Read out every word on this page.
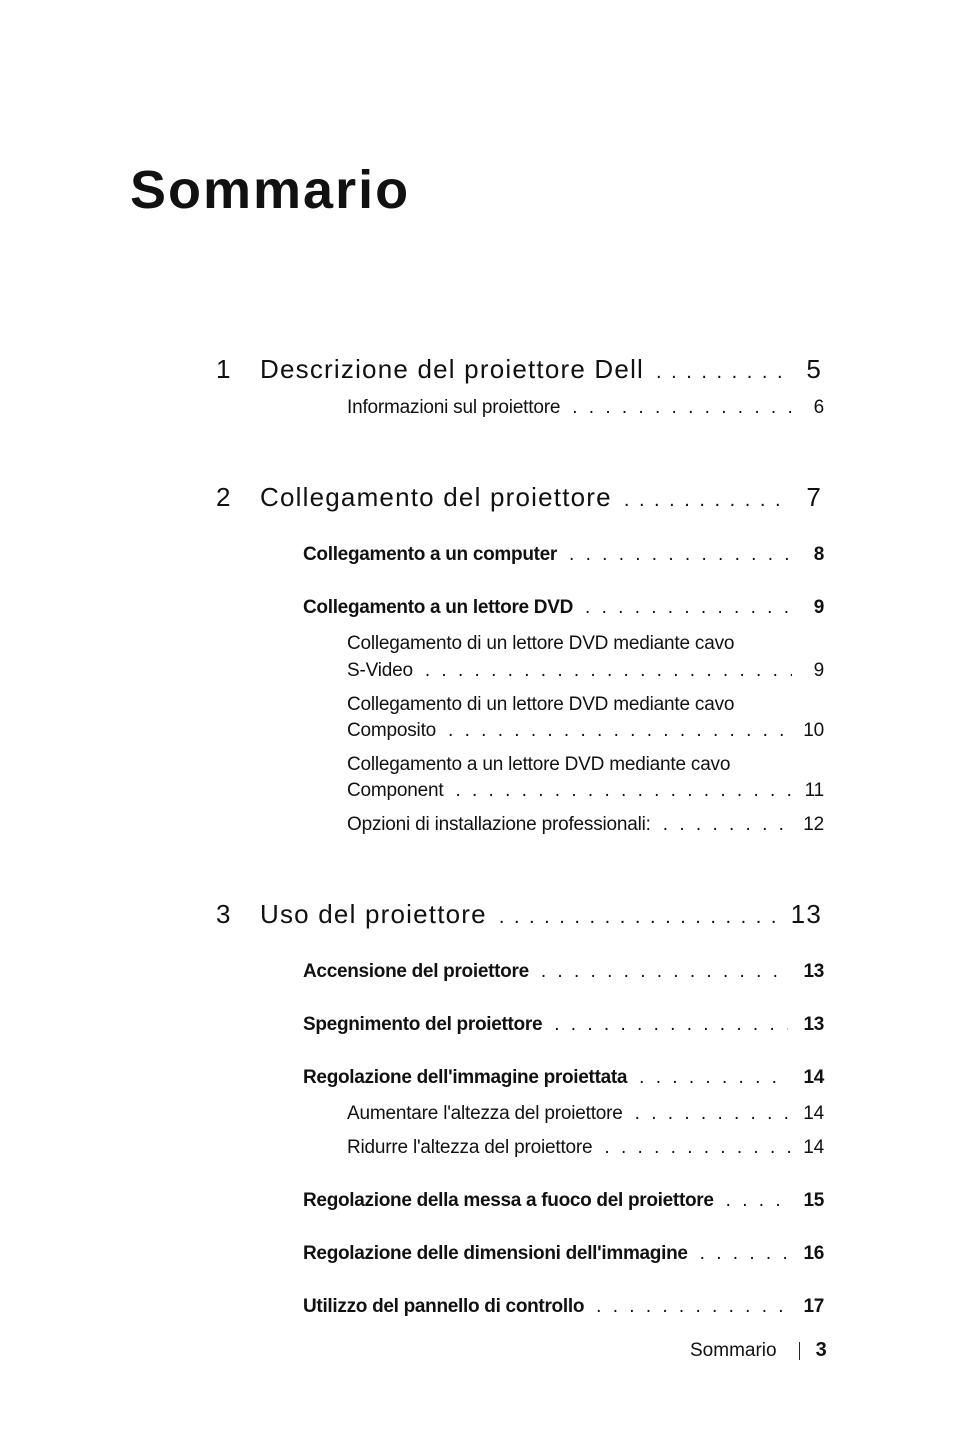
Sommario
1	Descrizione del proiettore Dell . . .	5
Informazioni sul proiettore . . .	6
2	Collegamento del proiettore . . .	7
Collegamento a un computer . . .	8
Collegamento a un lettore DVD . . .	9
Collegamento di un lettore DVD mediante cavo
S-Video . . .	9
Collegamento di un lettore DVD mediante cavo
Composito . . .	10
Collegamento a un lettore DVD mediante cavo
Component . . .	11
Opzioni di installazione professionali: . . .	12
3	Uso del proiettore . . .	13
Accensione del proiettore . . .	13
Spegnimento del proiettore . . .	13
Regolazione dell'immagine proiettata . . .	14
Aumentare l'altezza del proiettore . . .	14
Ridurre l'altezza del proiettore . . .	14
Regolazione della messa a fuoco del proiettore . . .	15
Regolazione delle dimensioni dell'immagine . . .	16
Utilizzo del pannello di controllo . . .	17
Sommario 3
